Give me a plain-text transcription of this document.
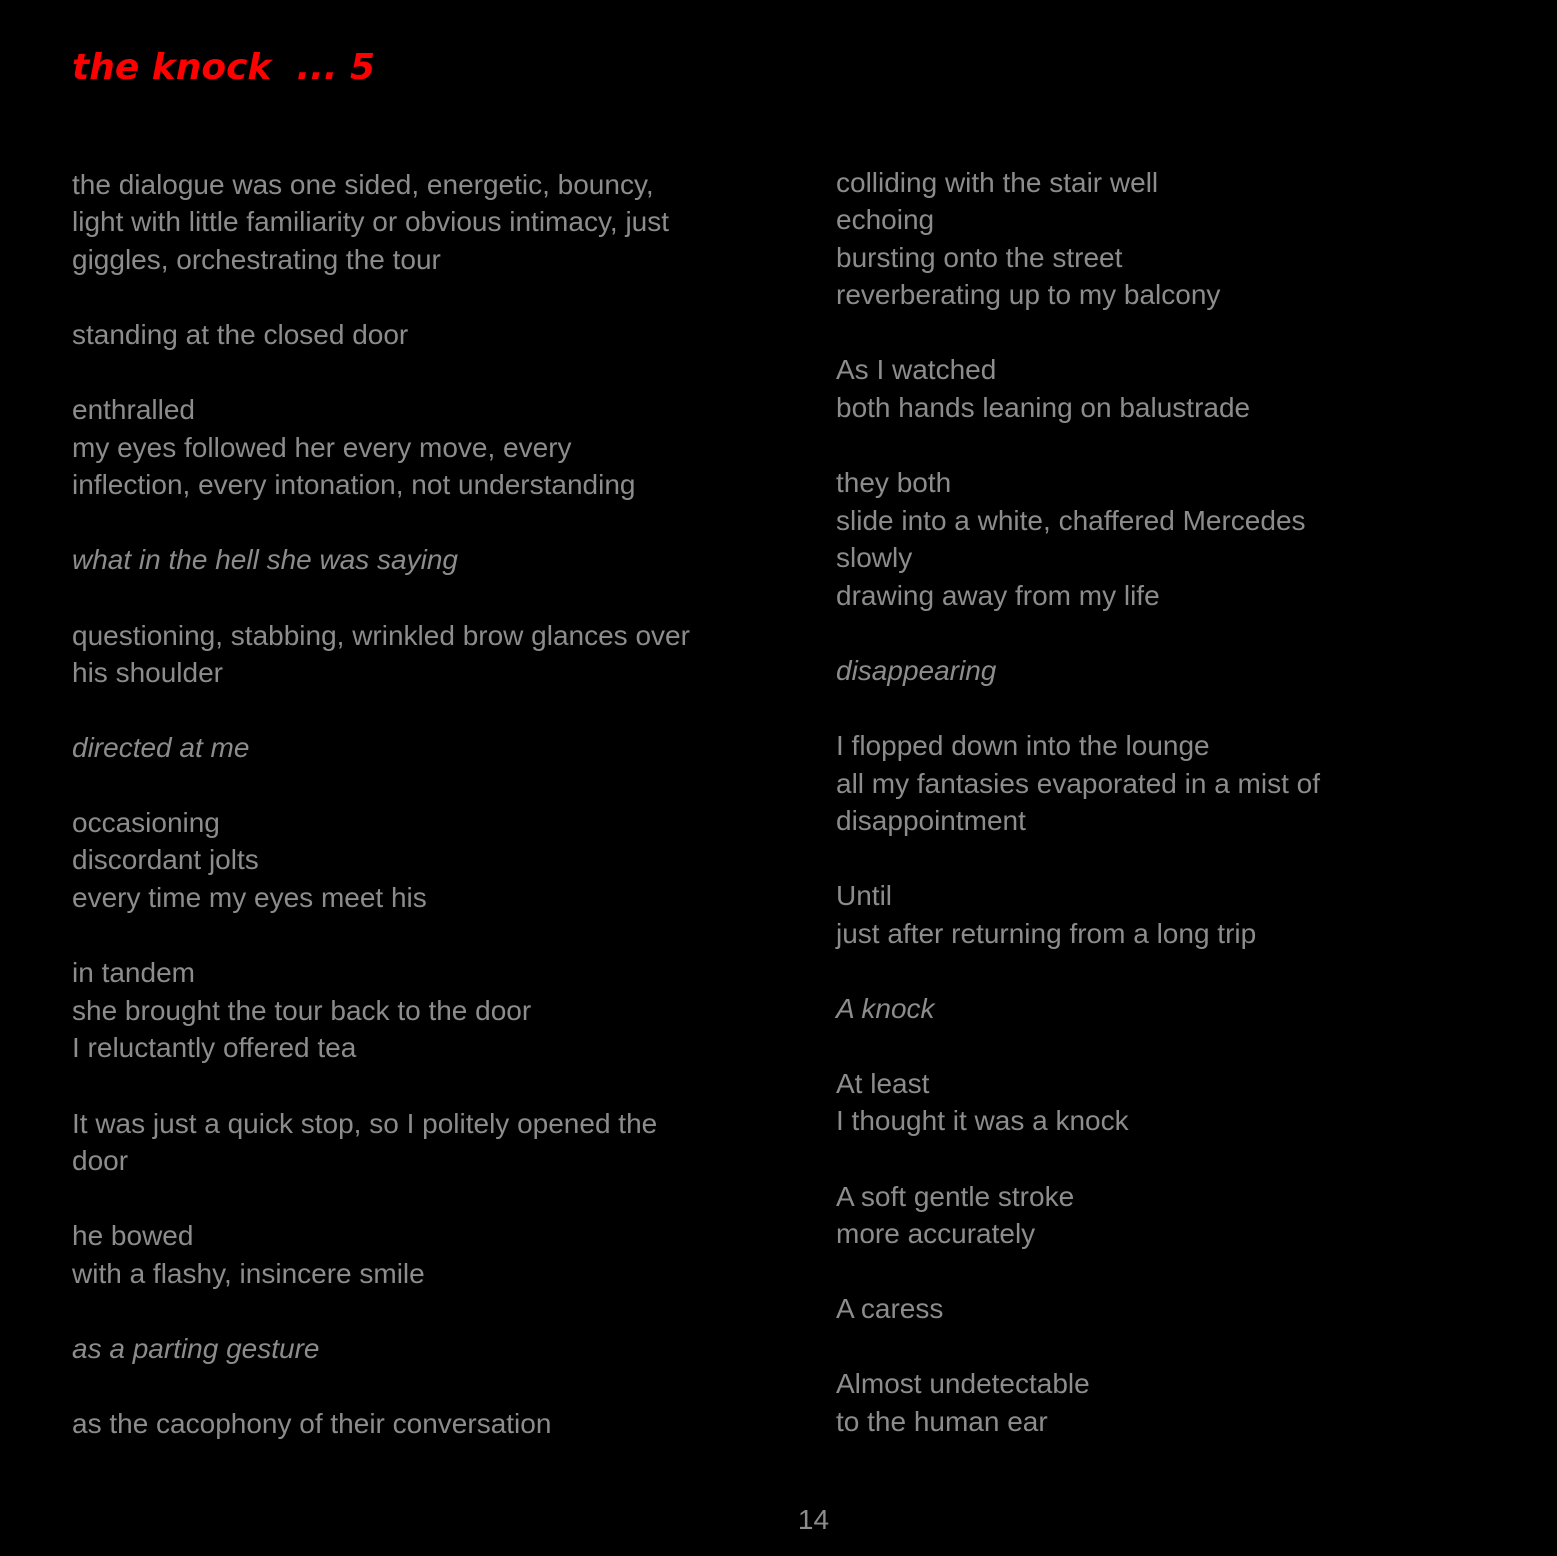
the knock  ... 5
the dialogue was one sided, energetic, bouncy,
light with little familiarity or obvious intimacy, just
giggles, orchestrating the tour
standing at the closed door
enthralled
my eyes followed her every move, every
inflection, every intonation, not understanding
what in the hell she was saying
questioning, stabbing, wrinkled brow glances over
his shoulder
directed at me
occasioning
discordant jolts
every time my eyes meet his
in tandem
she brought the tour back to the door
I reluctantly offered tea
It was just a quick stop, so I politely opened the
door
he bowed
with a flashy, insincere smile
as a parting gesture
as the cacophony of their conversation
colliding with the stair well
echoing
bursting onto the street
reverberating up to my balcony
As I watched
both hands leaning on balustrade
they both
slide into a white, chaffered Mercedes
slowly
drawing away from my life
disappearing
I flopped down into the lounge
all my fantasies evaporated in a mist of
disappointment
Until
just after returning from a long trip
A knock
At least
I thought it was a knock
A soft gentle stroke
more accurately
A caress
Almost undetectable
to the human ear
14
